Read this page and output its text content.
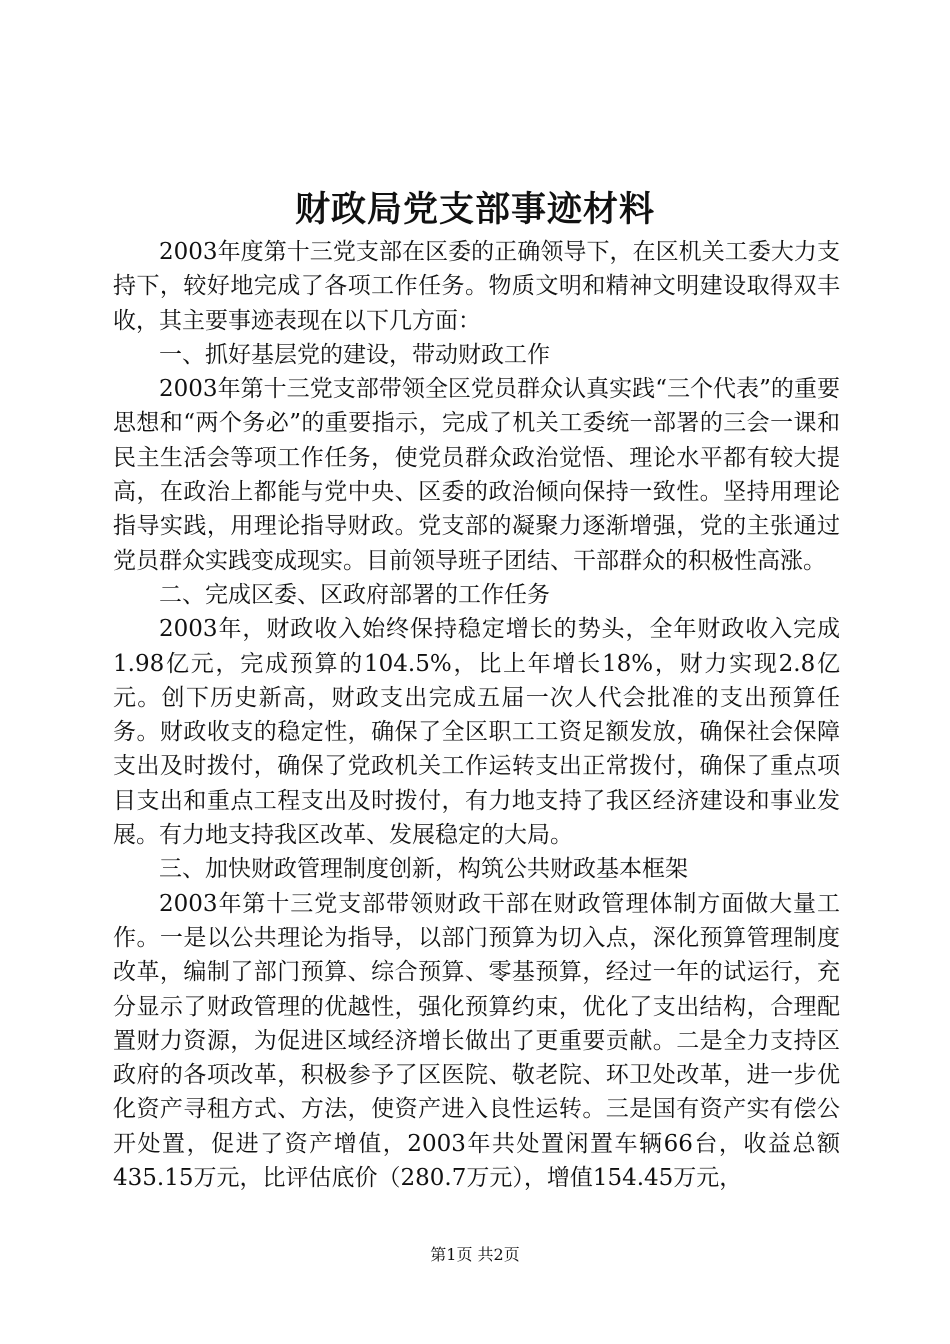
财政局党支部事迹材料

2003年度第十三党支部在区委的正确领导下，在区机关工委大力支持下，较好地完成了各项工作任务。物质文明和精神文明建设取得双丰收，其主要事迹表现在以下几方面：

一、抓好基层党的建设，带动财政工作

2003年第十三党支部带领全区党员群众认真实践“三个代表”的重要思想和“两个务必”的重要指示，完成了机关工委统一部署的三会一课和民主生活会等项工作任务，使党员群众政治觉悟、理论水平都有较大提高，在政治上都能与党中央、区委的政治倾向保持一致性。坚持用理论指导实践，用理论指导财政。党支部的凝聚力逐渐增强，党的主张通过党员群众实践变成现实。目前领导班子团结、干部群众的积极性高涨。

二、完成区委、区政府部署的工作任务

2003年，财政收入始终保持稳定增长的势头，全年财政收入完成1.98亿元，完成预算的104.5%，比上年增长18%，财力实现2.8亿元。创下历史新高，财政支出完成五届一次人代会批准的支出预算任务。财政收支的稳定性，确保了全区职工工资足额发放，确保社会保障支出及时拨付，确保了党政机关工作运转支出正常拨付，确保了重点项目支出和重点工程支出及时拨付，有力地支持了我区经济建设和事业发展。有力地支持我区改革、发展稳定的大局。

三、加快财政管理制度创新，构筑公共财政基本框架

2003年第十三党支部带领财政干部在财政管理体制方面做大量工作。一是以公共理论为指导，以部门预算为切入点，深化预算管理制度改革，编制了部门预算、综合预算、零基预算，经过一年的试运行，充分显示了财政管理的优越性，强化预算约束，优化了支出结构，合理配置财力资源，为促进区域经济增长做出了更重要贡献。二是全力支持区政府的各项改革，积极参予了区医院、敬老院、环卫处改革，进一步优化资产寻租方式、方法，使资产进入良性运转。三是国有资产实有偿公开处置，促进了资产增值，2003年共处置闲置车辆66台，收益总额435.15万元，比评估底价（280.7万元），增值154.45万元，

第1页 共2页
